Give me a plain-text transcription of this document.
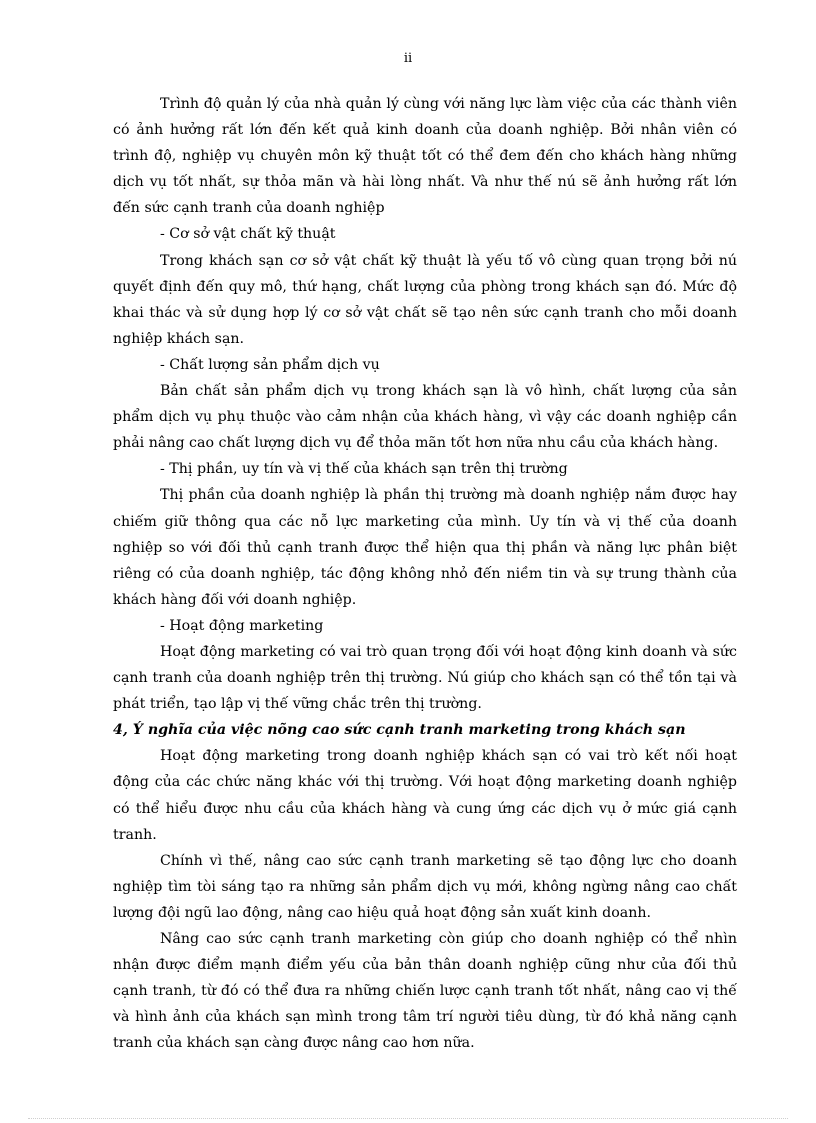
ii

Trình độ quản lý của nhà quản lý cùng với năng lực làm việc của các thành viên có ảnh hưởng rất lớn đến kết quả kinh doanh của doanh nghiệp. Bởi nhân viên có trình độ, nghiệp vụ chuyên môn kỹ thuật tốt có thể đem đến cho khách hàng những dịch vụ tốt nhất, sự thỏa mãn và hài lòng nhất. Và như thế nú sẽ ảnh hưởng rất lớn đến sức cạnh tranh của doanh nghiệp

- Cơ sở vật chất kỹ thuật

Trong khách sạn cơ sở vật chất kỹ thuật là yếu tố vô cùng quan trọng bởi nú quyết định đến quy mô, thứ hạng, chất lượng của phòng trong khách sạn đó. Mức độ khai thác và sử dụng hợp lý cơ sở vật chất sẽ tạo nên sức cạnh tranh cho mỗi doanh nghiệp khách sạn.

- Chất lượng sản phẩm dịch vụ

Bản chất sản phẩm dịch vụ trong khách sạn là vô hình, chất lượng của sản phẩm dịch vụ phụ thuộc vào cảm nhận của khách hàng, vì vậy các doanh nghiệp cần phải nâng cao chất lượng dịch vụ để thỏa mãn tốt hơn nữa nhu cầu của khách hàng.

- Thị phần, uy tín và vị thế của khách sạn trên thị trường

Thị phần của doanh nghiệp là phần thị trường mà doanh nghiệp nắm được hay chiếm giữ thông qua các nỗ lực marketing của mình. Uy tín và vị thế của doanh nghiệp so với đối thủ cạnh tranh được thể hiện qua thị phần và năng lực phân biệt riêng có của doanh nghiệp, tác động không nhỏ đến niềm tin và sự trung thành của khách hàng đối với doanh nghiệp.

- Hoạt động marketing

Hoạt động marketing có vai trò quan trọng đối với hoạt động kinh doanh và sức cạnh tranh của doanh nghiệp trên thị trường. Nú giúp cho khách sạn có thể tồn tại và phát triển, tạo lập vị thế vững chắc trên thị trường.

4, Ý nghĩa của việc nõng cao sức cạnh tranh marketing trong khách sạn

Hoạt động marketing trong doanh nghiệp khách sạn có vai trò kết nối hoạt động của các chức năng khác với thị trường. Với hoạt động marketing doanh nghiệp có thể hiểu được nhu cầu của khách hàng và cung ứng các dịch vụ ở mức giá cạnh tranh.

Chính vì thế, nâng cao sức cạnh tranh marketing sẽ tạo động lực cho doanh nghiệp tìm tòi sáng tạo ra những sản phẩm dịch vụ mới, không ngừng nâng cao chất lượng đội ngũ lao động, nâng cao hiệu quả hoạt động sản xuất kinh doanh.

Nâng cao sức cạnh tranh marketing còn giúp cho doanh nghiệp có thể nhìn nhận được điểm mạnh điểm yếu của bản thân doanh nghiệp cũng như của đối thủ cạnh tranh, từ đó có thể đưa ra những chiến lược cạnh tranh tốt nhất, nâng cao vị thế và hình ảnh của khách sạn mình trong tâm trí người tiêu dùng, từ đó khả năng cạnh tranh của khách sạn càng được nâng cao hơn nữa.
